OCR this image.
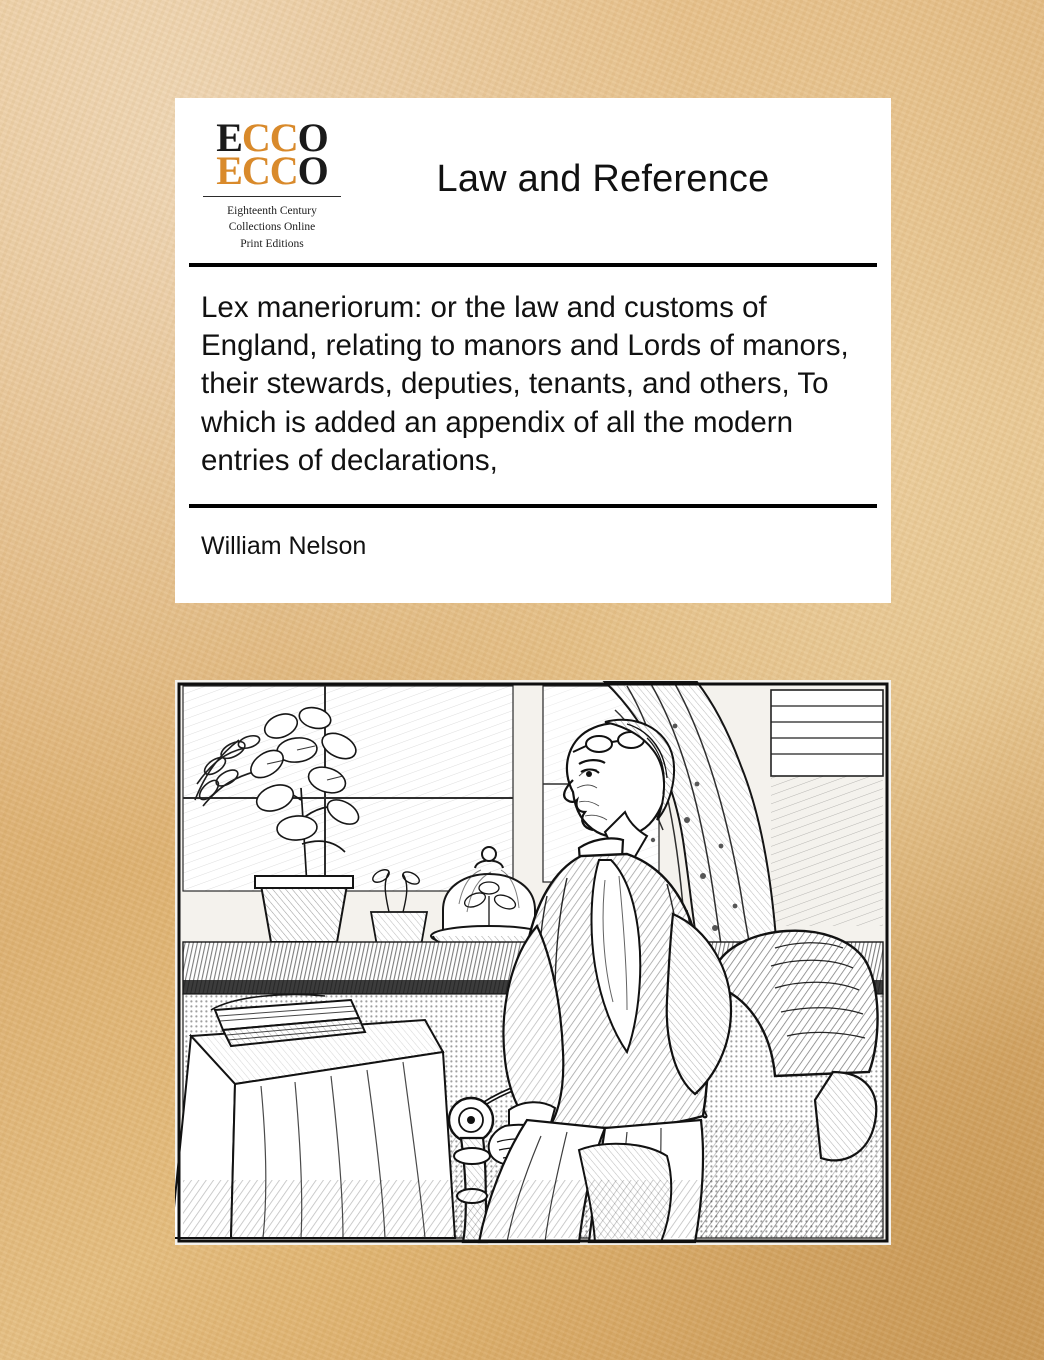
ECCO
ECCO
Eighteenth Century
Collections Online
Print Editions
Law and Reference
Lex maneriorum: or the law and customs of England, relating to manors and Lords of manors, their stewards, deputies, tenants, and others, To which is added an appendix of all the modern entries of declarations,
William Nelson
